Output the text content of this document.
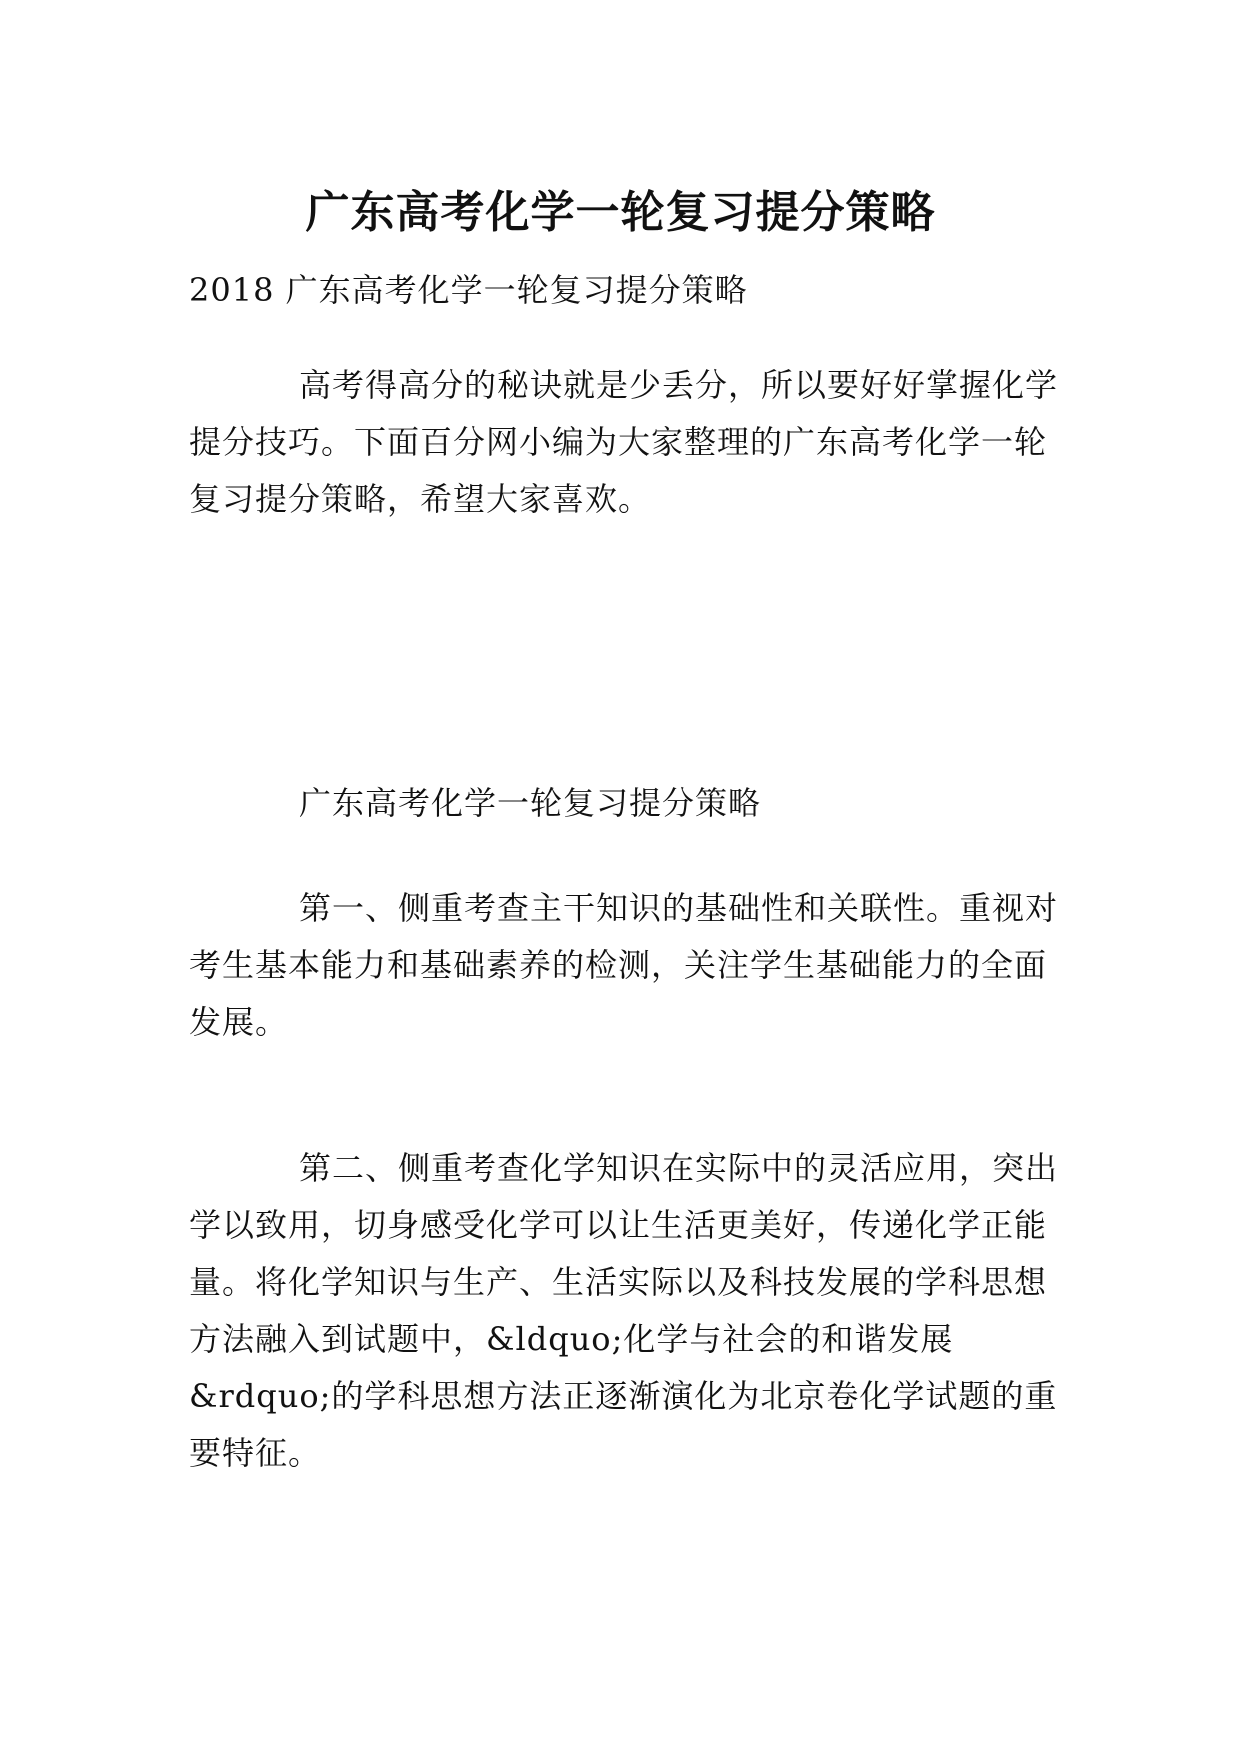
广东高考化学一轮复习提分策略

2018 广东高考化学一轮复习提分策略

高考得高分的秘诀就是少丢分，所以要好好掌握化学提分技巧。下面百分网小编为大家整理的广东高考化学一轮复习提分策略，希望大家喜欢。

广东高考化学一轮复习提分策略

第一、侧重考查主干知识的基础性和关联性。重视对考生基本能力和基础素养的检测，关注学生基础能力的全面发展。

第二、侧重考查化学知识在实际中的灵活应用，突出学以致用，切身感受化学可以让生活更美好，传递化学正能量。将化学知识与生产、生活实际以及科技发展的学科思想方法融入到试题中，&ldquo;化学与社会的和谐发展&rdquo;的学科思想方法正逐渐演化为北京卷化学试题的重要特征。
